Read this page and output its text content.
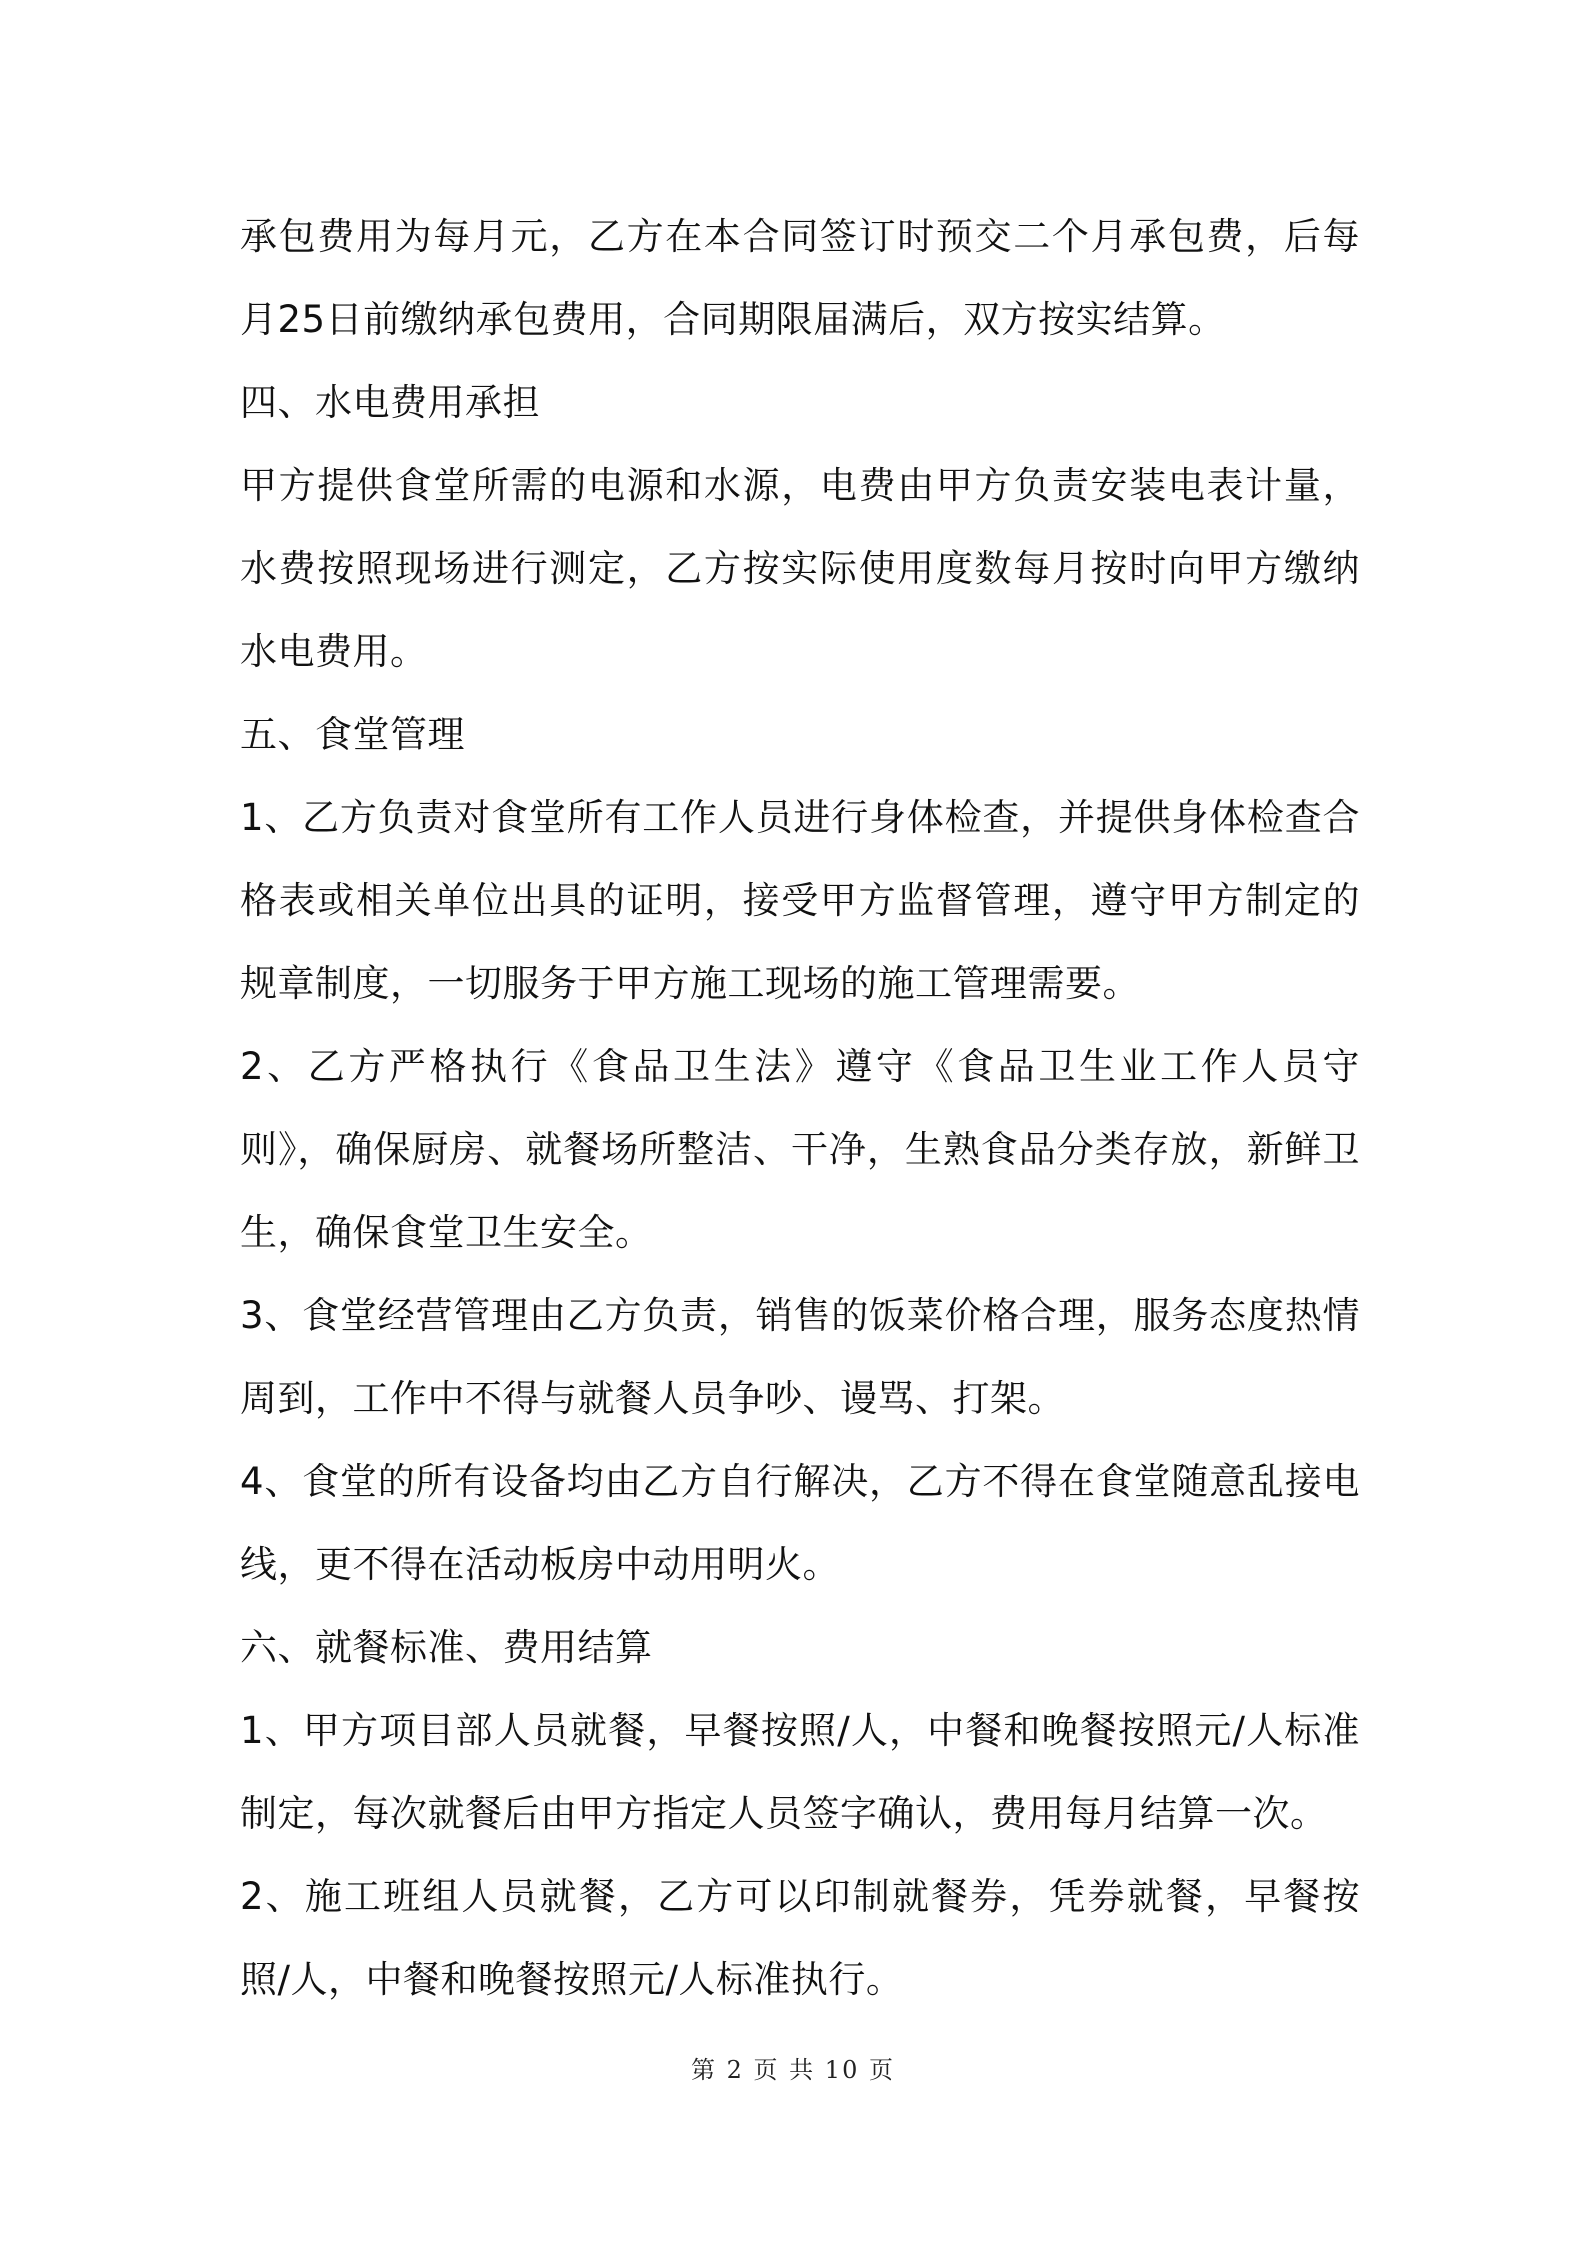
承包费用为每月元，乙方在本合同签订时预交二个月承包费，后每月25日前缴纳承包费用，合同期限届满后，双方按实结算。

四、水电费用承担

甲方提供食堂所需的电源和水源，电费由甲方负责安装电表计量，水费按照现场进行测定，乙方按实际使用度数每月按时向甲方缴纳水电费用。

五、食堂管理

1、乙方负责对食堂所有工作人员进行身体检查，并提供身体检查合格表或相关单位出具的证明，接受甲方监督管理，遵守甲方制定的规章制度，一切服务于甲方施工现场的施工管理需要。

2、乙方严格执行《食品卫生法》遵守《食品卫生业工作人员守则》，确保厨房、就餐场所整洁、干净，生熟食品分类存放，新鲜卫生，确保食堂卫生安全。

3、食堂经营管理由乙方负责，销售的饭菜价格合理，服务态度热情周到，工作中不得与就餐人员争吵、谩骂、打架。

4、食堂的所有设备均由乙方自行解决，乙方不得在食堂随意乱接电线，更不得在活动板房中动用明火。

六、就餐标准、费用结算

1、甲方项目部人员就餐，早餐按照/人，中餐和晚餐按照元/人标准制定，每次就餐后由甲方指定人员签字确认，费用每月结算一次。

2、施工班组人员就餐，乙方可以印制就餐券，凭券就餐，早餐按照/人，中餐和晚餐按照元/人标准执行。

第 2 页 共 10 页
